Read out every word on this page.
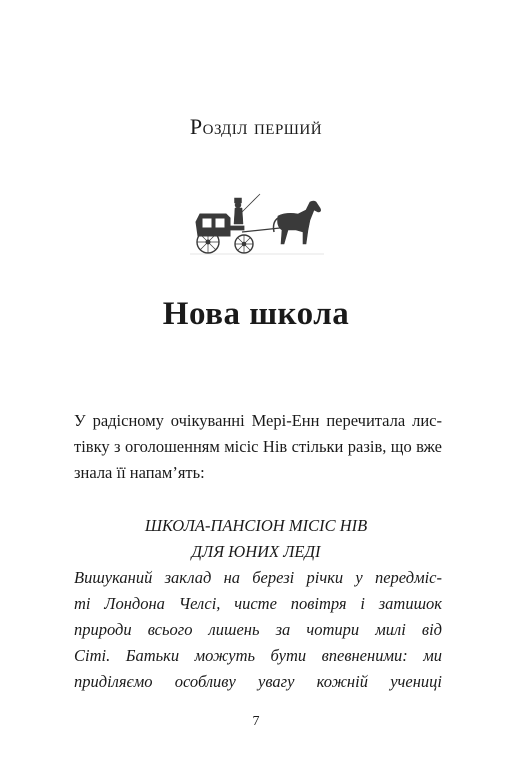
Розділ перший
Нова школа
У радісному очікуванні Мері-Енн перечитала лис-
тівку з оголошенням місіс Нів стільки разів, що вже
знала її напам’ять:
ШКОЛА-ПАНСІОН МІСІС НІВ
ДЛЯ ЮНИХ ЛЕДІ
Вишуканий заклад на березі річки у передміс-
ті Лондона Челсі, чисте повітря і затишок
природи всього лишень за чотири милі від
Сіті. Батьки можуть бути впевненими: ми
приділяємо особливу увагу кожній учениці
7
